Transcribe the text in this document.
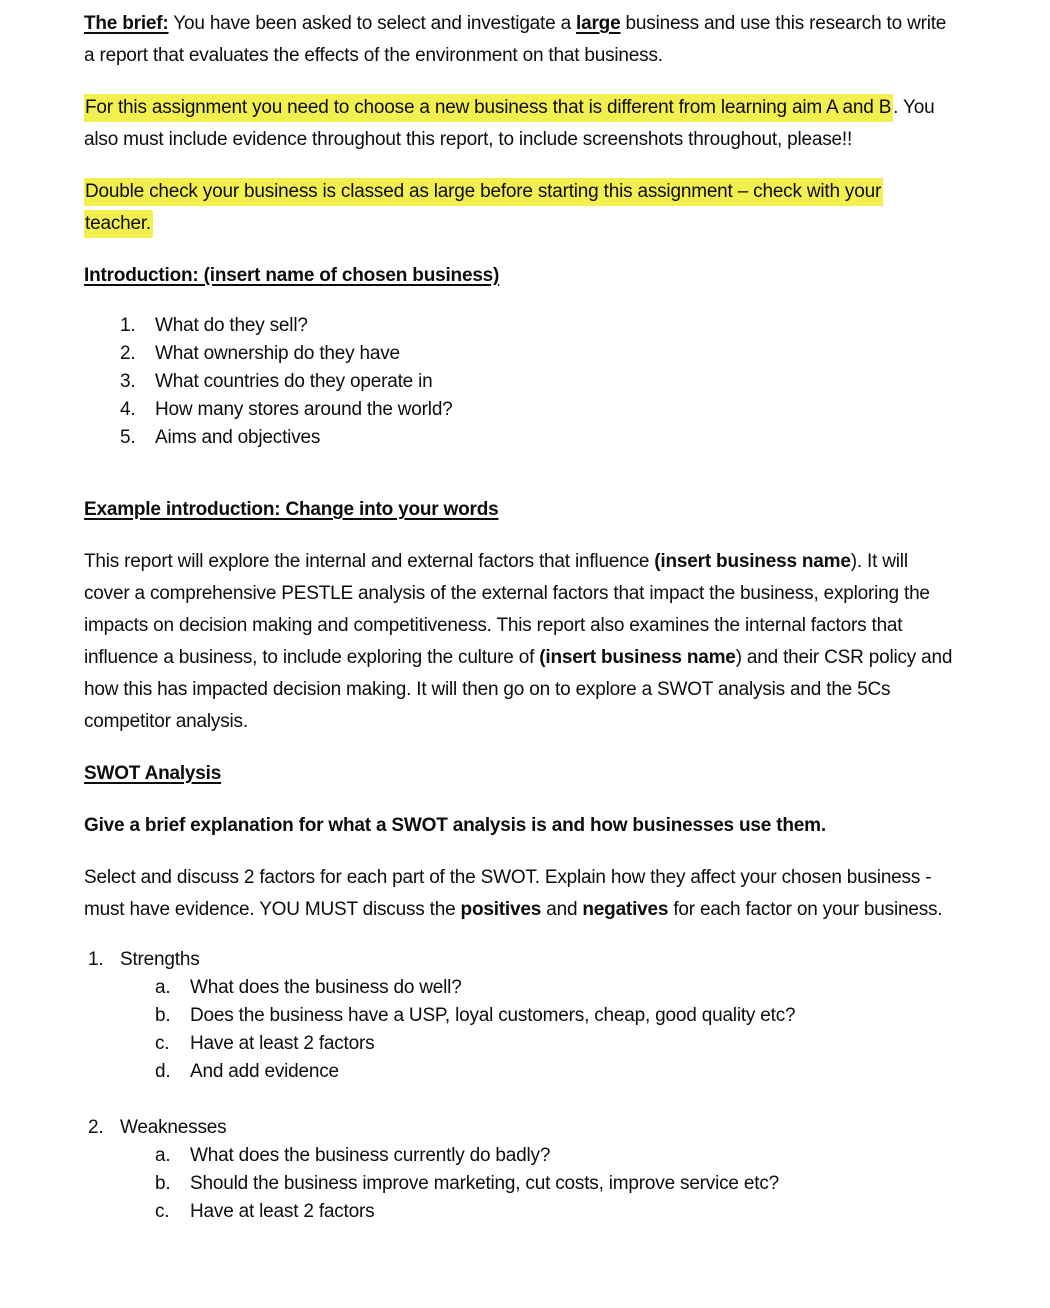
The brief: You have been asked to select and investigate a large business and use this research to write a report that evaluates the effects of the environment on that business.

For this assignment you need to choose a new business that is different from learning aim A and B . You also must include evidence throughout this report, to include screenshots throughout, please!!

Double check your business is classed as large before starting this assignment – check with your teacher.

Introduction: (insert name of chosen business)

1.	What do they sell?
2.	What ownership do they have
3.	What countries do they operate in
4.	How many stores around the world?
5.	Aims and objectives

Example introduction: Change into your words

This report will explore the internal and external factors that influence (insert business name). It will cover a comprehensive PESTLE analysis of the external factors that impact the business, exploring the impacts on decision making and competitiveness. This report also examines the internal factors that influence a business, to include exploring the culture of (insert business name) and their CSR policy and how this has impacted decision making. It will then go on to explore a SWOT analysis and the 5Cs competitor analysis.

SWOT Analysis

Give a brief explanation for what a SWOT analysis is and how businesses use them.

Select and discuss 2 factors for each part of the SWOT. Explain how they affect your chosen business - must have evidence. YOU MUST discuss the positives and negatives for each factor on your business.

1. Strengths
a.	What does the business do well?
b.	Does the business have a USP, loyal customers, cheap, good quality etc?
c.	Have at least 2 factors
d.	And add evidence
2. Weaknesses
a.	What does the business currently do badly?
b.	Should the business improve marketing, cut costs, improve service etc?
c.	Have at least 2 factors
